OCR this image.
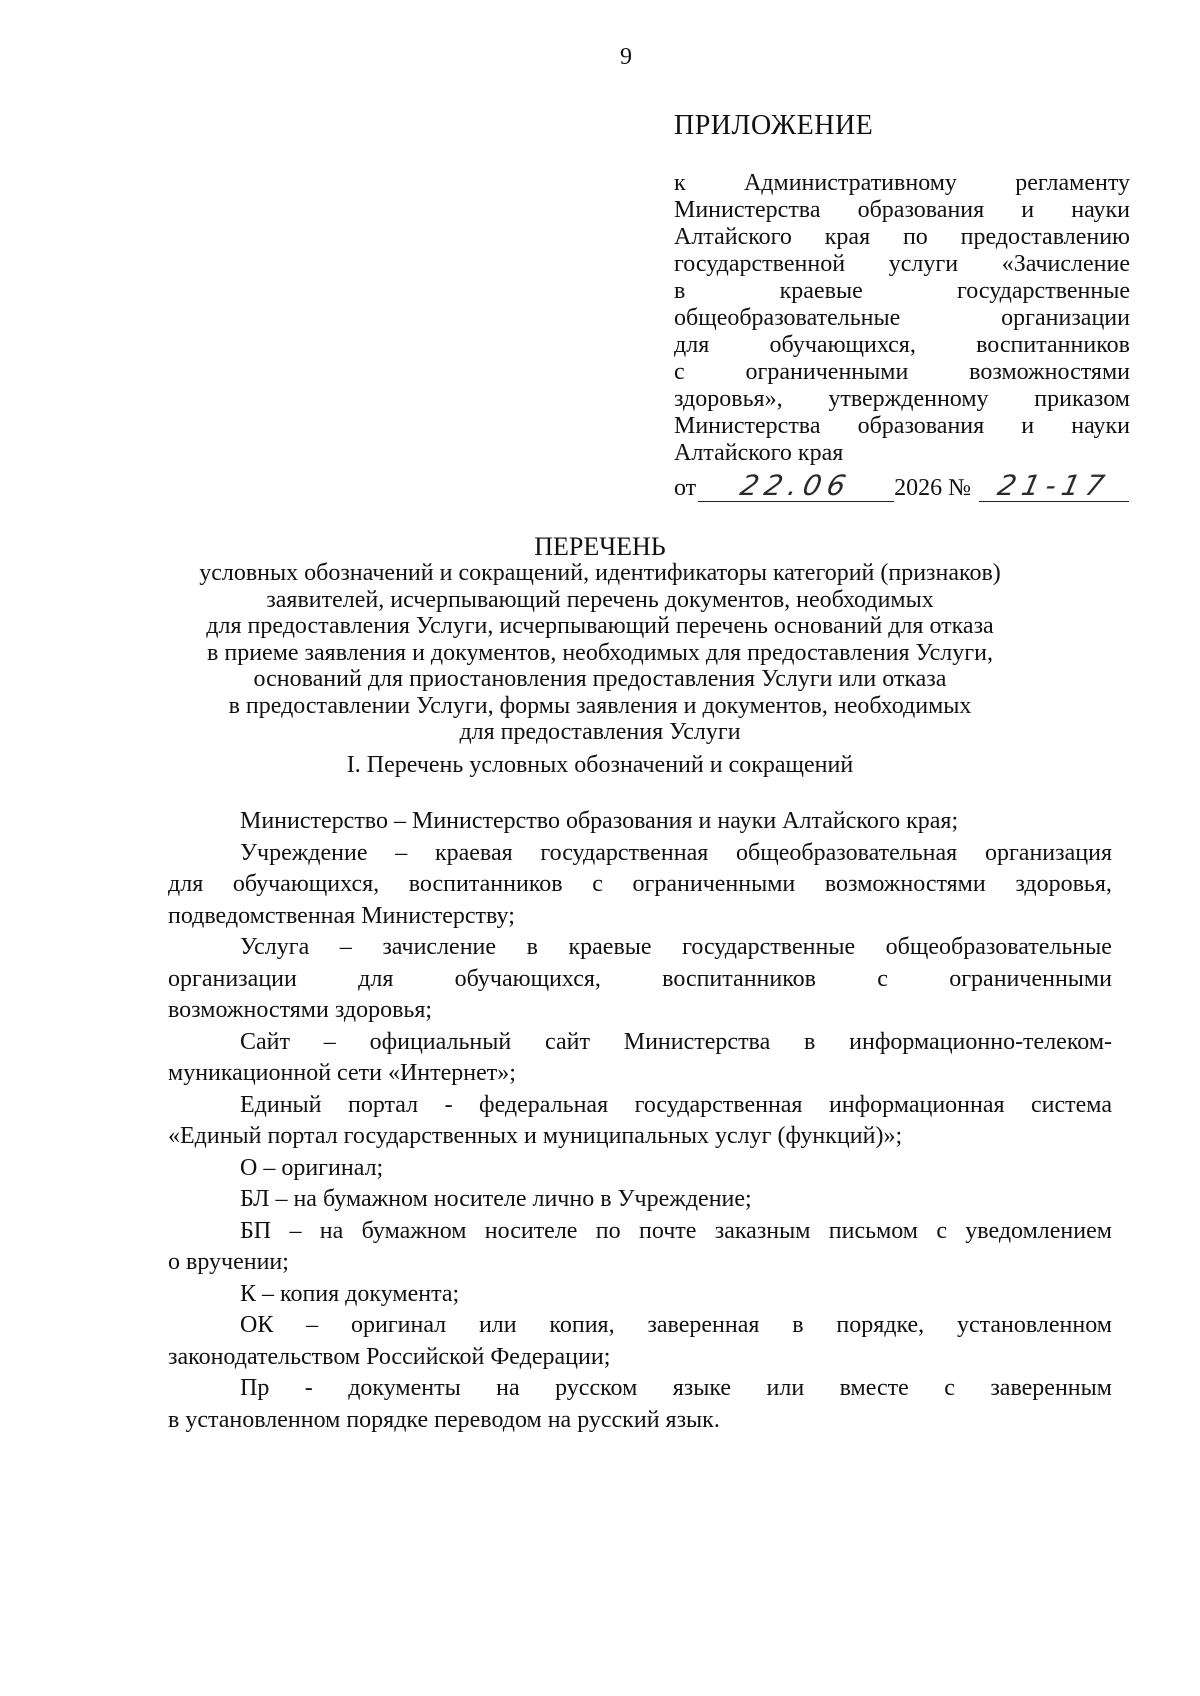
9
ПРИЛОЖЕНИЕ
к Административному регламенту
Министерства образования и науки
Алтайского края по предоставлению
государственной услуги «Зачисление
в	краевые	государственные
общеобразовательные	организации
для	обучающихся,	воспитанников
с	ограниченными	возможностями
здоровья», утвержденному приказом
Министерства образования и науки
Алтайского края
от	22.06	2026 № 21-17
ПЕРЕЧЕНЬ
условных обозначений и сокращений, идентификаторы категорий (признаков)
заявителей, исчерпывающий перечень документов, необходимых
для предоставления Услуги, исчерпывающий перечень оснований для отказа
в приеме заявления и документов, необходимых для предоставления Услуги,
оснований для приостановления предоставления Услуги или отказа
в предоставлении Услуги, формы заявления и документов, необходимых
для предоставления Услуги
I. Перечень условных обозначений и сокращений
Министерство – Министерство образования и науки Алтайского края;
Учреждение – краевая государственная общеобразовательная организация
для обучающихся, воспитанников с ограниченными возможностями здоровья,
подведомственная Министерству;
Услуга – зачисление в краевые государственные общеобразовательные
организации	для	обучающихся,	воспитанников	с	ограниченными
возможностями здоровья;
Сайт – официальный сайт Министерства в информационно-телеком-
муникационной сети «Интернет»;
Единый портал - федеральная государственная информационная система
«Единый портал государственных и муниципальных услуг (функций)»;
О – оригинал;
БЛ – на бумажном носителе лично в Учреждение;
БП – на бумажном носителе по почте заказным письмом с уведомлением
о вручении;
К – копия документа;
ОК – оригинал или копия, заверенная в порядке, установленном
законодательством Российской Федерации;
Пр - документы на русском языке или вместе с заверенным
в установленном порядке переводом на русский язык.
